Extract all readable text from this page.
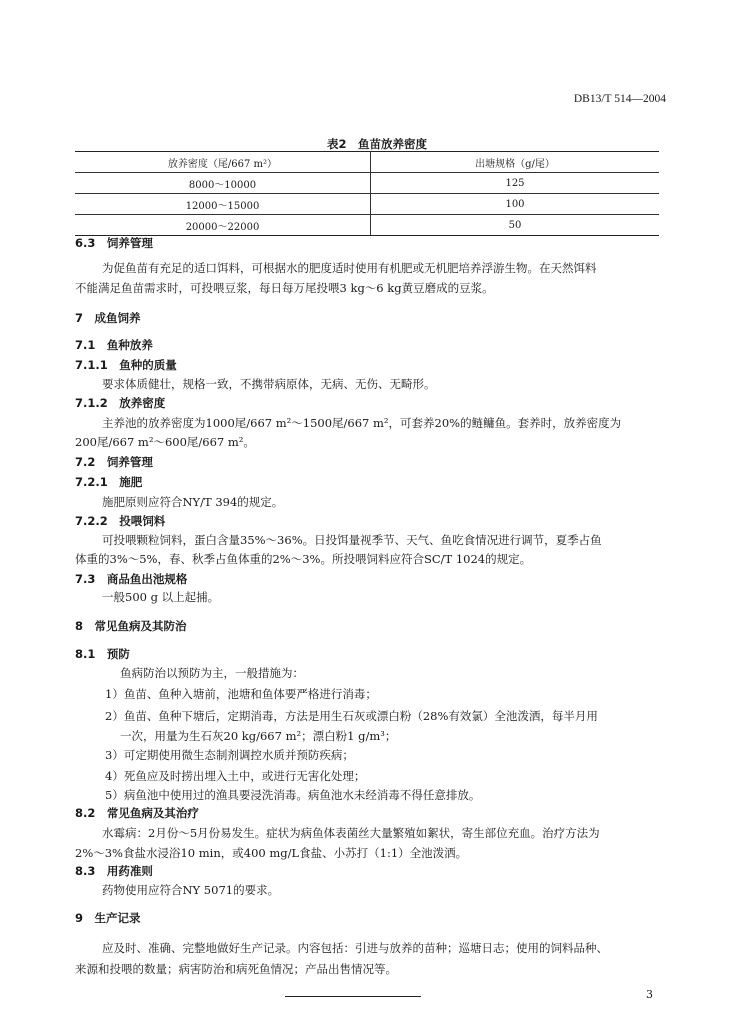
DB13/T 514—2004
表2　鱼苗放养密度
放养密度（尾/667 m²）	出塘规格（g/尾）
8000～10000	125
12000～15000	100
20000～22000	50
6.3　 饲养管理
为促鱼苗有充足的适口饵料，可根据水的肥度适时使用有机肥或无机肥培养浮游生物。在天然饵料
不能满足鱼苗需求时，可投喂豆浆，每日每万尾投喂3 kg～6 kg黄豆磨成的豆浆。
7　 成鱼饲养
7.1　 鱼种放养
7.1.1　 鱼种的质量
要求体质健壮，规格一致，不携带病原体，无病、无伤、无畸形。
7.1.2　 放养密度
主养池的放养密度为1000尾/667 m²～1500尾/667 m²，可套养20%的鲢鳙鱼。套养时，放养密度为
200尾/667 m²～600尾/667 m²。
7.2　 饲养管理
7.2.1　 施肥
施肥原则应符合NY/T 394的规定。
7.2.2　 投喂饲料
可投喂颗粒饲料，蛋白含量35%～36%。日投饵量视季节、天气、鱼吃食情况进行调节，夏季占鱼
体重的3%～5%，春、秋季占鱼体重的2%～3%。所投喂饲料应符合SC/T 1024的规定。
7.3　 商品鱼出池规格
一般500 g 以上起捕。
8　 常见鱼病及其防治
8.1　 预防
鱼病防治以预防为主，一般措施为：
1）鱼苗、鱼种入塘前，池塘和鱼体要严格进行消毒；
2）鱼苗、鱼种下塘后，定期消毒，方法是用生石灰或漂白粉（28%有效氯）全池泼洒，每半月用
一次，用量为生石灰20 kg/667 m²；漂白粉1 g/m³；
3）可定期使用微生态制剂调控水质并预防疾病；
4）死鱼应及时捞出埋入土中，或进行无害化处理；
5）病鱼池中使用过的渔具要浸洗消毒。病鱼池水未经消毒不得任意排放。
8.2　 常见鱼病及其治疗
水霉病：2月份～5月份易发生。症状为病鱼体表菌丝大量繁殖如絮状，寄生部位充血。治疗方法为
2%～3%食盐水浸浴10 min，或400 mg/L食盐、小苏打（1:1）全池泼洒。
8.3　 用药准则
药物使用应符合NY 5071的要求。
9　 生产记录
应及时、准确、完整地做好生产记录。内容包括：引进与放养的苗种；巡塘日志；使用的饲料品种、
来源和投喂的数量；病害防治和病死鱼情况；产品出售情况等。
3
